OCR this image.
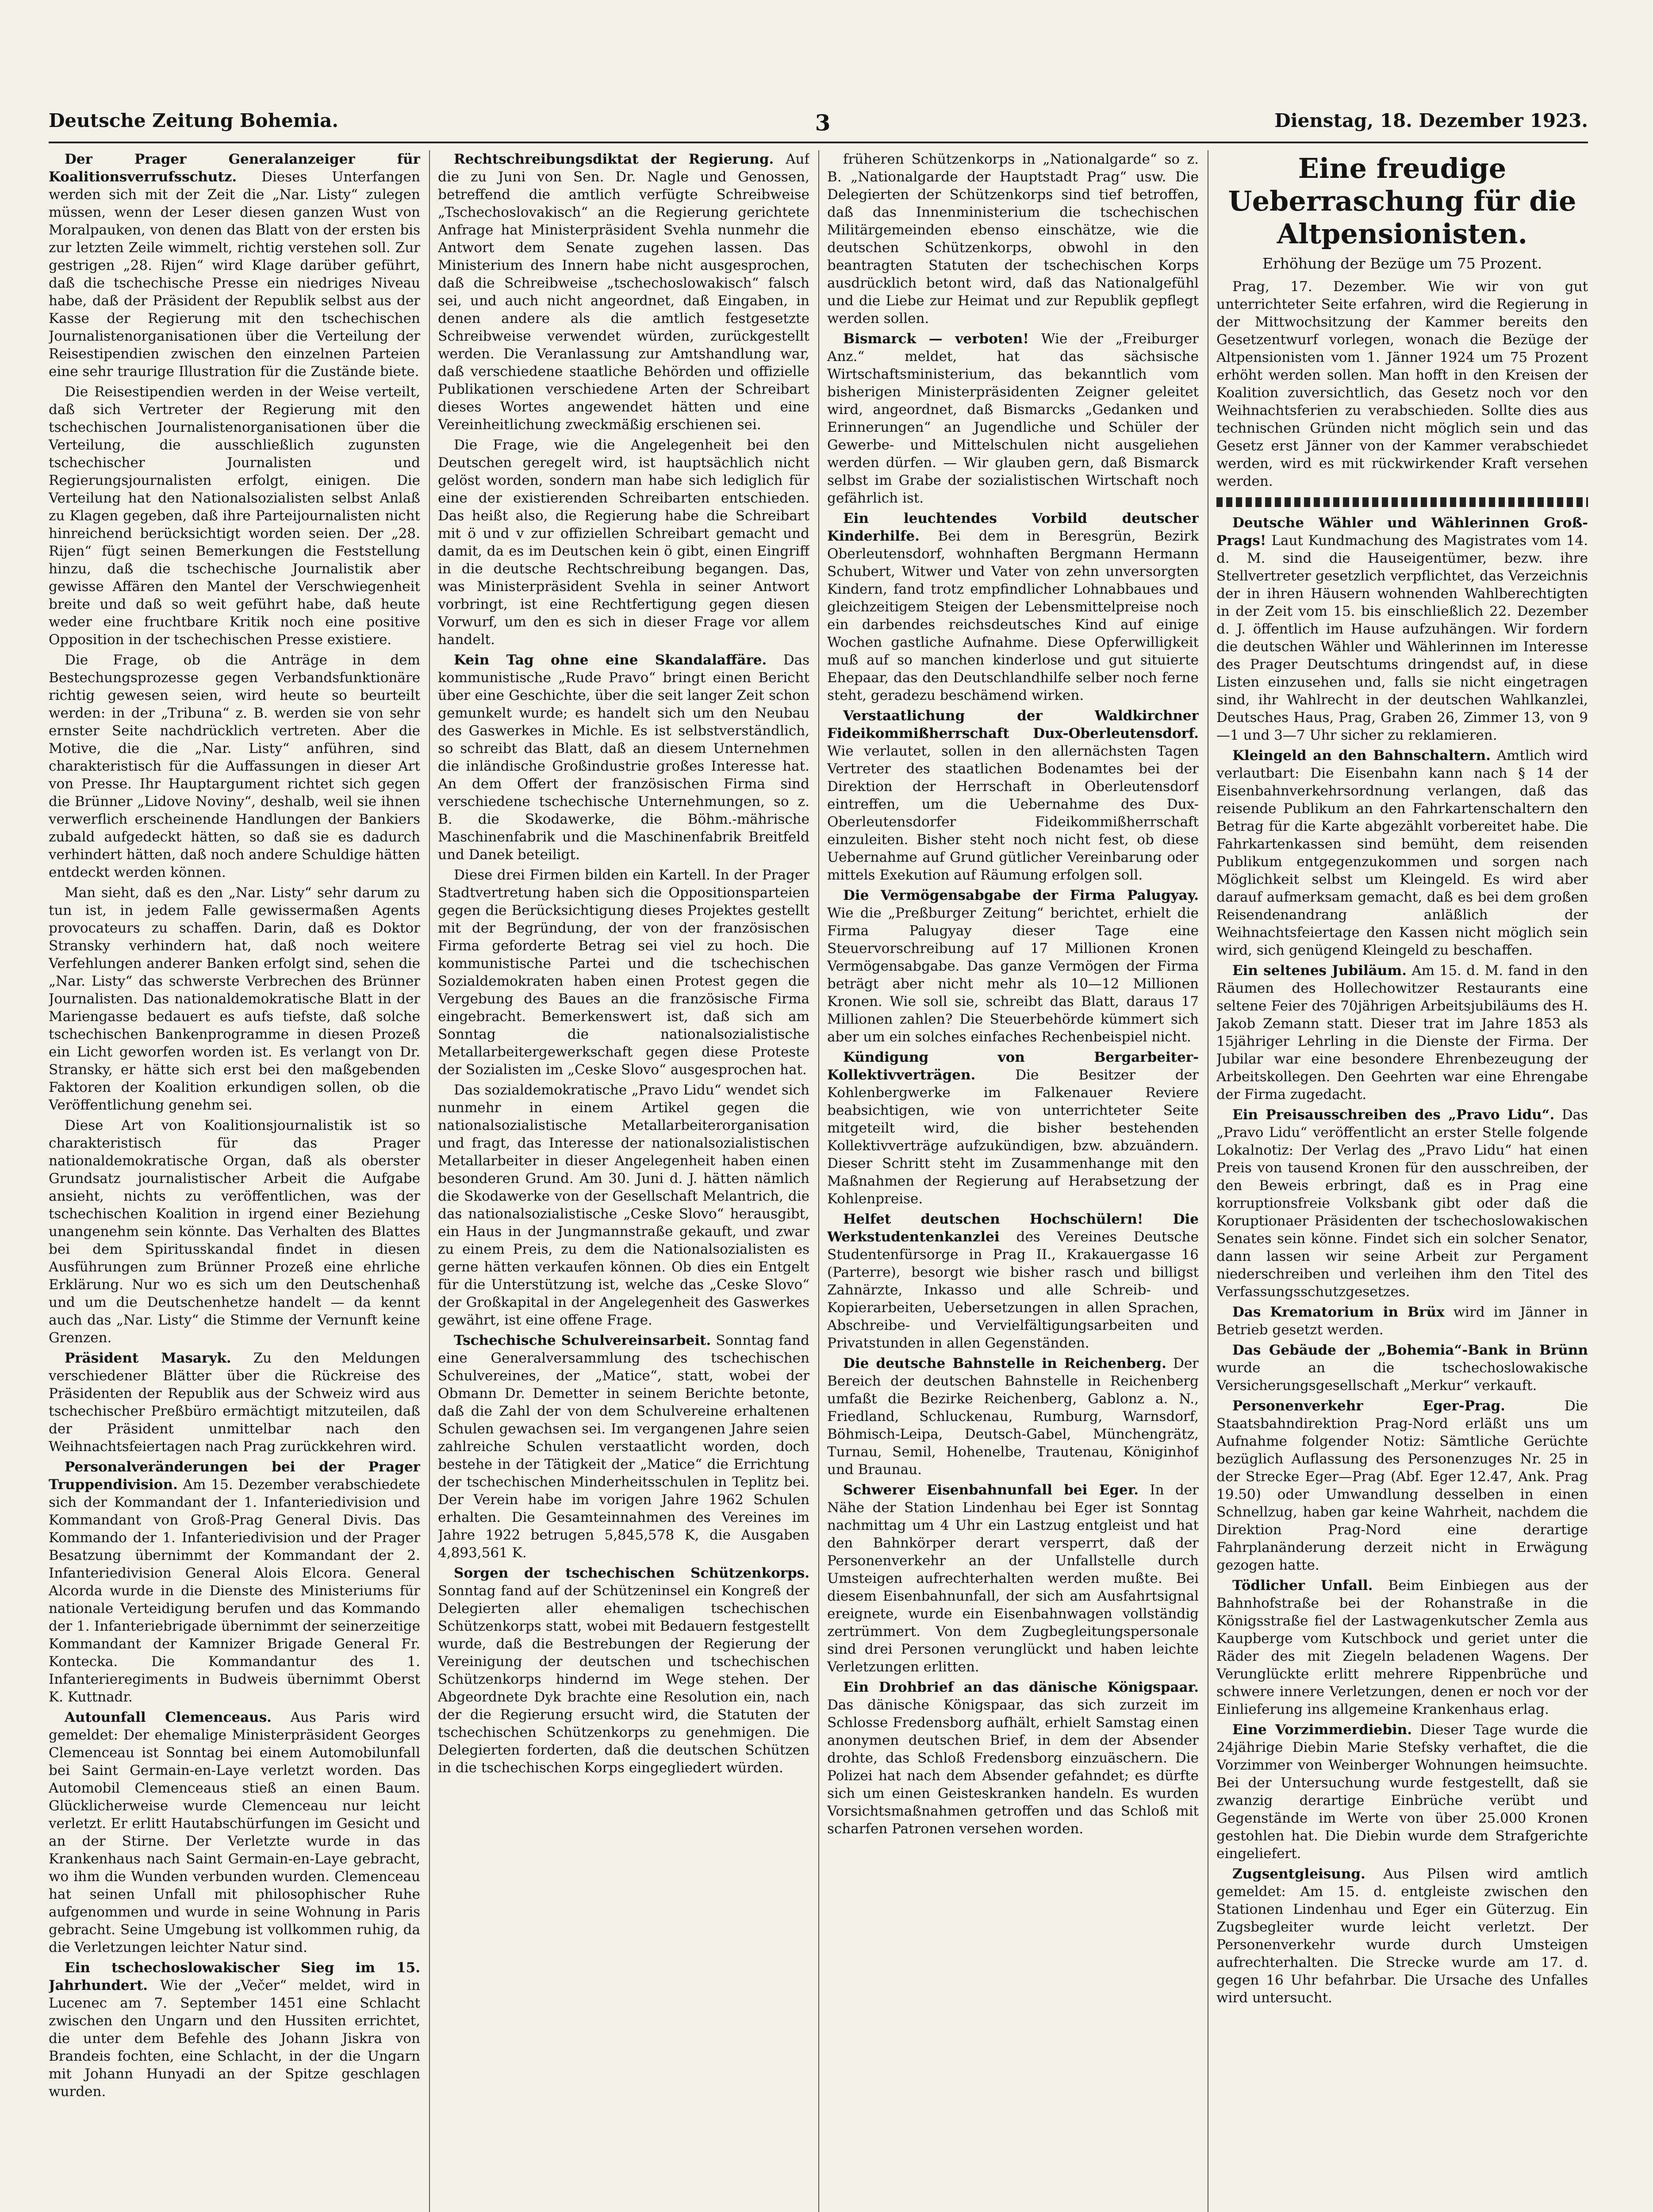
Deutsche Zeitung Bohemia.	3	Dienstag, 18. Dezember 1923.

Der Prager Generalanzeiger für Koalitionsverrufsschutz. Dieses Unterfangen werden sich mit der Zeit die „Nar. Listy“ zulegen müssen, wenn der Leser diesen ganzen Wust von Moralpauken, von denen das Blatt von der ersten bis zur letzten Zeile wimmelt, richtig verstehen soll. Zur gestrigen „28. Rijen“ wird Klage darüber geführt, daß die tschechische Presse ein niedriges Niveau habe, daß der Präsident der Republik selbst aus der Kasse der Regierung mit den tschechischen Journalistenorganisationen über die Verteilung der Reisestipendien zwischen den einzelnen Parteien eine sehr traurige Illustration für die Zustände biete.

Die Reisestipendien werden in der Weise verteilt, daß sich Vertreter der Regierung mit den tschechischen Journalistenorganisationen über die Verteilung, die ausschließlich zugunsten tschechischer Journalisten und Regierungsjournalisten erfolgt, einigen. Die Verteilung hat den Nationalsozialisten selbst Anlaß zu Klagen gegeben, daß ihre Parteijournalisten nicht hinreichend berücksichtigt worden seien. Der „28. Rijen“ fügt seinen Bemerkungen die Feststellung hinzu, daß die tschechische Journalistik aber gewisse Affären den Mantel der Verschwiegenheit breite und daß so weit geführt habe, daß heute weder eine fruchtbare Kritik noch eine positive Opposition in der tschechischen Presse existiere.

Die Frage, ob die Anträge in dem Bestechungsprozesse gegen Verbandsfunktionäre richtig gewesen seien, wird heute so beurteilt werden: in der „Tribuna“ z. B. werden sie von sehr ernster Seite nachdrücklich vertreten. Aber die Motive, die die „Nar. Listy“ anführen, sind charakteristisch für die Auffassungen in dieser Art von Presse. Ihr Hauptargument richtet sich gegen die Brünner „Lidove Noviny“, deshalb, weil sie ihnen verwerflich erscheinende Handlungen der Bankiers zubald aufgedeckt hätten, so daß sie es dadurch verhindert hätten, daß noch andere Schuldige hätten entdeckt werden können.

Man sieht, daß es den „Nar. Listy“ sehr darum zu tun ist, in jedem Falle gewissermaßen Agents provocateurs zu schaffen. Darin, daß es Doktor Stransky verhindern hat, daß noch weitere Verfehlungen anderer Banken erfolgt sind, sehen die „Nar. Listy“ das schwerste Verbrechen des Brünner Journalisten. Das nationaldemokratische Blatt in der Mariengasse bedauert es aufs tiefste, daß solche tschechischen Bankenprogramme in diesen Prozeß ein Licht geworfen worden ist. Es verlangt von Dr. Stransky, er hätte sich erst bei den maßgebenden Faktoren der Koalition erkundigen sollen, ob die Veröffentlichung genehm sei.

Diese Art von Koalitionsjournalistik ist so charakteristisch für das Prager nationaldemokratische Organ, daß als oberster Grundsatz journalistischer Arbeit die Aufgabe ansieht, nichts zu veröffentlichen, was der tschechischen Koalition in irgend einer Beziehung unangenehm sein könnte. Das Verhalten des Blattes bei dem Spiritusskandal findet in diesen Ausführungen zum Brünner Prozeß eine ehrliche Erklärung. Nur wo es sich um den Deutschenhaß und um die Deutschenhetze handelt — da kennt auch das „Nar. Listy“ die Stimme der Vernunft keine Grenzen.

Präsident Masaryk. Zu den Meldungen verschiedener Blätter über die Rückreise des Präsidenten der Republik aus der Schweiz wird aus tschechischer Preßbüro ermächtigt mitzuteilen, daß der Präsident unmittelbar nach den Weihnachtsfeiertagen nach Prag zurückkehren wird.

Personalveränderungen bei der Prager Truppendivision. Am 15. Dezember verabschiedete sich der Kommandant der 1. Infanteriedivision und Kommandant von Groß-Prag General Divis. Das Kommando der 1. Infanteriedivision und der Prager Besatzung übernimmt der Kommandant der 2. Infanteriedivision General Alois Elcora. General Alcorda wurde in die Dienste des Ministeriums für nationale Verteidigung berufen und das Kommando der 1. Infanteriebrigade übernimmt der seinerzeitige Kommandant der Kamnizer Brigade General Fr. Kontecka. Die Kommandantur des 1. Infanterieregiments in Budweis übernimmt Oberst K. Kuttnadr.

Autounfall Clemenceaus. Aus Paris wird gemeldet: Der ehemalige Ministerpräsident Georges Clemenceau ist Sonntag bei einem Automobilunfall bei Saint Germain-en-Laye verletzt worden. Das Automobil Clemenceaus stieß an einen Baum. Glücklicherweise wurde Clemenceau nur leicht verletzt. Er erlitt Hautabschürfungen im Gesicht und an der Stirne. Der Verletzte wurde in das Krankenhaus nach Saint Germain-en-Laye gebracht, wo ihm die Wunden verbunden wurden. Clemenceau hat seinen Unfall mit philosophischer Ruhe aufgenommen und wurde in seine Wohnung in Paris gebracht. Seine Umgebung ist vollkommen ruhig, da die Verletzungen leichter Natur sind.

Ein tschechoslowakischer Sieg im 15. Jahrhundert. Wie der „Večer“ meldet, wird in Lucenec am 7. September 1451 eine Schlacht zwischen den Ungarn und den Hussiten errichtet, die unter dem Befehle des Johann Jiskra von Brandeis fochten, eine Schlacht, in der die Ungarn mit Johann Hunyadi an der Spitze geschlagen wurden.

Rechtschreibungsdiktat der Regierung. Auf die zu Juni von Sen. Dr. Nagle und Genossen, betreffend die amtlich verfügte Schreibweise „Tschechoslovakisch“ an die Regierung gerichtete Anfrage hat Ministerpräsident Svehla nunmehr die Antwort dem Senate zugehen lassen. Das Ministerium des Innern habe nicht ausgesprochen, daß die Schreibweise „tschechoslowakisch“ falsch sei, und auch nicht angeordnet, daß Eingaben, in denen andere als die amtlich festgesetzte Schreibweise verwendet würden, zurückgestellt werden. Die Veranlassung zur Amtshandlung war, daß verschiedene staatliche Behörden und offizielle Publikationen verschiedene Arten der Schreibart dieses Wortes angewendet hätten und eine Vereinheitlichung zweckmäßig erschienen sei.

Die Frage, wie die Angelegenheit bei den Deutschen geregelt wird, ist hauptsächlich nicht gelöst worden, sondern man habe sich lediglich für eine der existierenden Schreibarten entschieden. Das heißt also, die Regierung habe die Schreibart mit ö und v zur offiziellen Schreibart gemacht und damit, da es im Deutschen kein ö gibt, einen Eingriff in die deutsche Rechtschreibung begangen. Das, was Ministerpräsident Svehla in seiner Antwort vorbringt, ist eine Rechtfertigung gegen diesen Vorwurf, um den es sich in dieser Frage vor allem handelt.

Kein Tag ohne eine Skandalaffäre. Das kommunistische „Rude Pravo“ bringt einen Bericht über eine Geschichte, über die seit langer Zeit schon gemunkelt wurde; es handelt sich um den Neubau des Gaswerkes in Michle. Es ist selbstverständlich, so schreibt das Blatt, daß an diesem Unternehmen die inländische Großindustrie großes Interesse hat. An dem Offert der französischen Firma sind verschiedene tschechische Unternehmungen, so z. B. die Skodawerke, die Böhm.-mährische Maschinenfabrik und die Maschinenfabrik Breitfeld und Danek beteiligt.

Diese drei Firmen bilden ein Kartell. In der Prager Stadtvertretung haben sich die Oppositionsparteien gegen die Berücksichtigung dieses Projektes gestellt mit der Begründung, der von der französischen Firma geforderte Betrag sei viel zu hoch. Die kommunistische Partei und die tschechischen Sozialdemokraten haben einen Protest gegen die Vergebung des Baues an die französische Firma eingebracht. Bemerkenswert ist, daß sich am Sonntag die nationalsozialistische Metallarbeitergewerkschaft gegen diese Proteste der Sozialisten im „Ceske Slovo“ ausgesprochen hat.

Das sozialdemokratische „Pravo Lidu“ wendet sich nunmehr in einem Artikel gegen die nationalsozialistische Metallarbeiterorganisation und fragt, das Interesse der nationalsozialistischen Metallarbeiter in dieser Angelegenheit haben einen besonderen Grund. Am 30. Juni d. J. hätten nämlich die Skodawerke von der Gesellschaft Melantrich, die das nationalsozialistische „Ceske Slovo“ herausgibt, ein Haus in der Jungmannstraße gekauft, und zwar zu einem Preis, zu dem die Nationalsozialisten es gerne hätten verkaufen können. Ob dies ein Entgelt für die Unterstützung ist, welche das „Ceske Slovo“ der Großkapital in der Angelegenheit des Gaswerkes gewährt, ist eine offene Frage.

Tschechische Schulvereinsarbeit. Sonntag fand eine Generalversammlung des tschechischen Schulvereines, der „Matice“, statt, wobei der Obmann Dr. Demetter in seinem Berichte betonte, daß die Zahl der von dem Schulvereine erhaltenen Schulen gewachsen sei. Im vergangenen Jahre seien zahlreiche Schulen verstaatlicht worden, doch bestehe in der Tätigkeit der „Matice“ die Errichtung der tschechischen Minderheitsschulen in Teplitz bei. Der Verein habe im vorigen Jahre 1962 Schulen erhalten. Die Gesamteinnahmen des Vereines im Jahre 1922 betrugen 5,845,578 K, die Ausgaben 4,893,561 K.

Sorgen der tschechischen Schützenkorps. Sonntag fand auf der Schützeninsel ein Kongreß der Delegierten aller ehemaligen tschechischen Schützenkorps statt, wobei mit Bedauern festgestellt wurde, daß die Bestrebungen der Regierung der Vereinigung der deutschen und tschechischen Schützenkorps hindernd im Wege stehen. Der Abgeordnete Dyk brachte eine Resolution ein, nach der die Regierung ersucht wird, die Statuten der tschechischen Schützenkorps zu genehmigen. Die Delegierten forderten, daß die deutschen Schützen in die tschechischen Korps eingegliedert würden.

früheren Schützenkorps in „Nationalgarde“ so z. B. „Nationalgarde der Hauptstadt Prag“ usw. Die Delegierten der Schützenkorps sind tief betroffen, daß das Innenministerium die tschechischen Militärgemeinden ebenso einschätze, wie die deutschen Schützenkorps, obwohl in den beantragten Statuten der tschechischen Korps ausdrücklich betont wird, daß das Nationalgefühl und die Liebe zur Heimat und zur Republik gepflegt werden sollen.

Bismarck — verboten! Wie der „Freiburger Anz.“ meldet, hat das sächsische Wirtschaftsministerium, das bekanntlich vom bisherigen Ministerpräsidenten Zeigner geleitet wird, angeordnet, daß Bismarcks „Gedanken und Erinnerungen“ an Jugendliche und Schüler der Gewerbe- und Mittelschulen nicht ausgeliehen werden dürfen. — Wir glauben gern, daß Bismarck selbst im Grabe der sozialistischen Wirtschaft noch gefährlich ist.

Ein leuchtendes Vorbild deutscher Kinderhilfe. Bei dem in Beresgrün, Bezirk Oberleutensdorf, wohnhaften Bergmann Hermann Schubert, Witwer und Vater von zehn unversorgten Kindern, fand trotz empfindlicher Lohnabbaues und gleichzeitigem Steigen der Lebensmittelpreise noch ein darbendes reichsdeutsches Kind auf einige Wochen gastliche Aufnahme. Diese Opferwilligkeit muß auf so manchen kinderlose und gut situierte Ehepaar, das den Deutschlandhilfe selber noch ferne steht, geradezu beschämend wirken.

Verstaatlichung der Waldkirchner Fideikommißherrschaft Dux-Oberleutensdorf. Wie verlautet, sollen in den allernächsten Tagen Vertreter des staatlichen Bodenamtes bei der Direktion der Herrschaft in Oberleutensdorf eintreffen, um die Uebernahme des Dux-Oberleutensdorfer Fideikommißherrschaft einzuleiten. Bisher steht noch nicht fest, ob diese Uebernahme auf Grund gütlicher Vereinbarung oder mittels Exekution auf Räumung erfolgen soll.

Die Vermögensabgabe der Firma Palugyay. Wie die „Preßburger Zeitung“ berichtet, erhielt die Firma Palugyay dieser Tage eine Steuervorschreibung auf 17 Millionen Kronen Vermögensabgabe. Das ganze Vermögen der Firma beträgt aber nicht mehr als 10—12 Millionen Kronen. Wie soll sie, schreibt das Blatt, daraus 17 Millionen zahlen? Die Steuerbehörde kümmert sich aber um ein solches einfaches Rechenbeispiel nicht.

Kündigung von Bergarbeiter-Kollektivverträgen.	Die Besitzer der Kohlenbergwerke im Falkenauer Reviere beabsichtigen, wie von unterrichteter Seite mitgeteilt wird, die bisher bestehenden Kollektivverträge aufzukündigen, bzw. abzuändern. Dieser Schritt steht im Zusammenhange mit den Maßnahmen der Regierung auf Herabsetzung der Kohlenpreise.

Helfet deutschen Hochschülern! Die Werkstudentenkanzlei des Vereines Deutsche Studentenfürsorge in Prag II., Krakauergasse 16 (Parterre), besorgt wie bisher rasch und billigst Zahnärzte, Inkasso und alle Schreib- und Kopierarbeiten, Uebersetzungen in allen Sprachen, Abschreibe- und Vervielfältigungsarbeiten und Privatstunden in allen Gegenständen.

Die deutsche Bahnstelle in Reichenberg. Der Bereich der deutschen Bahnstelle in Reichenberg umfaßt die Bezirke Reichenberg, Gablonz a. N., Friedland, Schluckenau, Rumburg, Warnsdorf, Böhmisch-Leipa, Deutsch-Gabel, Münchengrätz, Turnau, Semil, Hohenelbe, Trautenau, Königinhof und Braunau.

Schwerer Eisenbahnunfall bei Eger. In der Nähe der Station Lindenhau bei Eger ist Sonntag nachmittag um 4 Uhr ein Lastzug entgleist und hat den Bahnkörper derart versperrt, daß der Personenverkehr an der Unfallstelle durch Umsteigen aufrechterhalten werden mußte. Bei diesem Eisenbahnunfall, der sich am Ausfahrtsignal ereignete, wurde ein Eisenbahnwagen vollständig zertrümmert. Von dem Zugbegleitungspersonale sind drei Personen verunglückt und haben leichte Verletzungen erlitten.

Ein Drohbrief an das dänische Königspaar. Das dänische Königspaar, das sich zurzeit im Schlosse Fredensborg aufhält, erhielt Samstag einen anonymen deutschen Brief, in dem der Absender drohte, das Schloß Fredensborg einzuäschern. Die Polizei hat nach dem Absender gefahndet; es dürfte sich um einen Geisteskranken handeln. Es wurden Vorsichtsmaßnahmen getroffen und das Schloß mit scharfen Patronen versehen worden.

Eine freudige Ueberraschung für die Altpensionisten.
Erhöhung der Bezüge um 75 Prozent.

Prag, 17. Dezember. Wie wir von gut unterrichteter Seite erfahren, wird die Regierung in der Mittwochsitzung der Kammer bereits den Gesetzentwurf vorlegen, wonach die Bezüge der Altpensionisten vom 1. Jänner 1924 um 75 Prozent erhöht werden sollen. Man hofft in den Kreisen der Koalition zuversichtlich, das Gesetz noch vor den Weihnachtsferien zu verabschieden. Sollte dies aus technischen Gründen nicht möglich sein und das Gesetz erst Jänner von der Kammer verabschiedet werden, wird es mit rückwirkender Kraft versehen werden.

Deutsche Wähler und Wählerinnen Groß-Prags! Laut Kundmachung des Magistrates vom 14. d. M. sind die Hauseigentümer, bezw. ihre Stellvertreter gesetzlich verpflichtet, das Verzeichnis der in ihren Häusern wohnenden Wahlberechtigten in der Zeit vom 15. bis einschließlich 22. Dezember d. J. öffentlich im Hause aufzuhängen. Wir fordern die deutschen Wähler und Wählerinnen im Interesse des Prager Deutschtums dringendst auf, in diese Listen einzusehen und, falls sie nicht eingetragen sind, ihr Wahlrecht in der deutschen Wahlkanzlei, Deutsches Haus, Prag, Graben 26, Zimmer 13, von 9—1 und 3—7 Uhr sicher zu reklamieren.

Kleingeld an den Bahnschaltern. Amtlich wird verlautbart: Die Eisenbahn kann nach § 14 der Eisenbahnverkehrsordnung verlangen, daß das reisende Publikum an den Fahrkartenschaltern den Betrag für die Karte abgezählt vorbereitet habe. Die Fahrkartenkassen sind bemüht, dem reisenden Publikum entgegenzukommen und sorgen nach Möglichkeit selbst um Kleingeld. Es wird aber darauf aufmerksam gemacht, daß es bei dem großen Reisendenandrang anläßlich der Weihnachtsfeiertage den Kassen nicht möglich sein wird, sich genügend Kleingeld zu beschaffen.

Ein seltenes Jubiläum. Am 15. d. M. fand in den Räumen des Hollechowitzer Restaurants eine seltene Feier des 70jährigen Arbeitsjubiläums des H. Jakob Zemann statt. Dieser trat im Jahre 1853 als 15jähriger Lehrling in die Dienste der Firma. Der Jubilar war eine besondere Ehrenbezeugung der Arbeitskollegen. Den Geehrten war eine Ehrengabe der Firma zugedacht.

Ein Preisausschreiben des „Pravo Lidu“. Das „Pravo Lidu“ veröffentlicht an erster Stelle folgende Lokalnotiz: Der Verlag des „Pravo Lidu“ hat einen Preis von tausend Kronen für den ausschreiben, der den Beweis erbringt, daß es in Prag eine korruptionsfreie Volksbank gibt oder daß die Koruptionaer Präsidenten der tschechoslowakischen Senates sein könne. Findet sich ein solcher Senator, dann lassen wir seine Arbeit zur Pergament niederschreiben und verleihen ihm den Titel des Verfassungsschutzgesetzes.

Das Krematorium in Brüx wird im Jänner in Betrieb gesetzt werden.

Das Gebäude der „Bohemia“-Bank in Brünn wurde an die tschechoslowakische Versicherungsgesellschaft „Merkur“ verkauft.

Personenverkehr Eger-Prag.	Die Staatsbahndirektion Prag-Nord erläßt uns um Aufnahme folgender Notiz: Sämtliche Gerüchte bezüglich Auflassung des Personenzuges Nr. 25 in der Strecke Eger—Prag (Abf. Eger 12.47, Ank. Prag 19.50) oder Umwandlung desselben in einen Schnellzug, haben gar keine Wahrheit, nachdem die Direktion Prag-Nord eine derartige Fahrplanänderung derzeit nicht in Erwägung gezogen hatte.

Tödlicher Unfall. Beim Einbiegen aus der Bahnhofstraße bei der Rohanstraße in die Königsstraße fiel der Lastwagenkutscher Zemla aus Kaupberge vom Kutschbock und geriet unter die Räder des mit Ziegeln beladenen Wagens. Der Verunglückte erlitt mehrere Rippenbrüche und schwere innere Verletzungen, denen er noch vor der Einlieferung ins allgemeine Krankenhaus erlag.

Eine Vorzimmerdiebin. Dieser Tage wurde die 24jährige Diebin Marie Stefsky verhaftet, die die Vorzimmer von Weinberger Wohnungen heimsuchte. Bei der Untersuchung wurde festgestellt, daß sie zwanzig derartige Einbrüche verübt und Gegenstände im Werte von über 25.000 Kronen gestohlen hat. Die Diebin wurde dem Strafgerichte eingeliefert.

Zugsentgleisung. Aus Pilsen wird amtlich gemeldet: Am 15. d. entgleiste zwischen den Stationen Lindenhau und Eger ein Güterzug. Ein Zugsbegleiter wurde leicht verletzt. Der Personenverkehr wurde durch Umsteigen aufrechterhalten. Die Strecke wurde am 17. d. gegen 16 Uhr befahrbar. Die Ursache des Unfalles wird untersucht.
